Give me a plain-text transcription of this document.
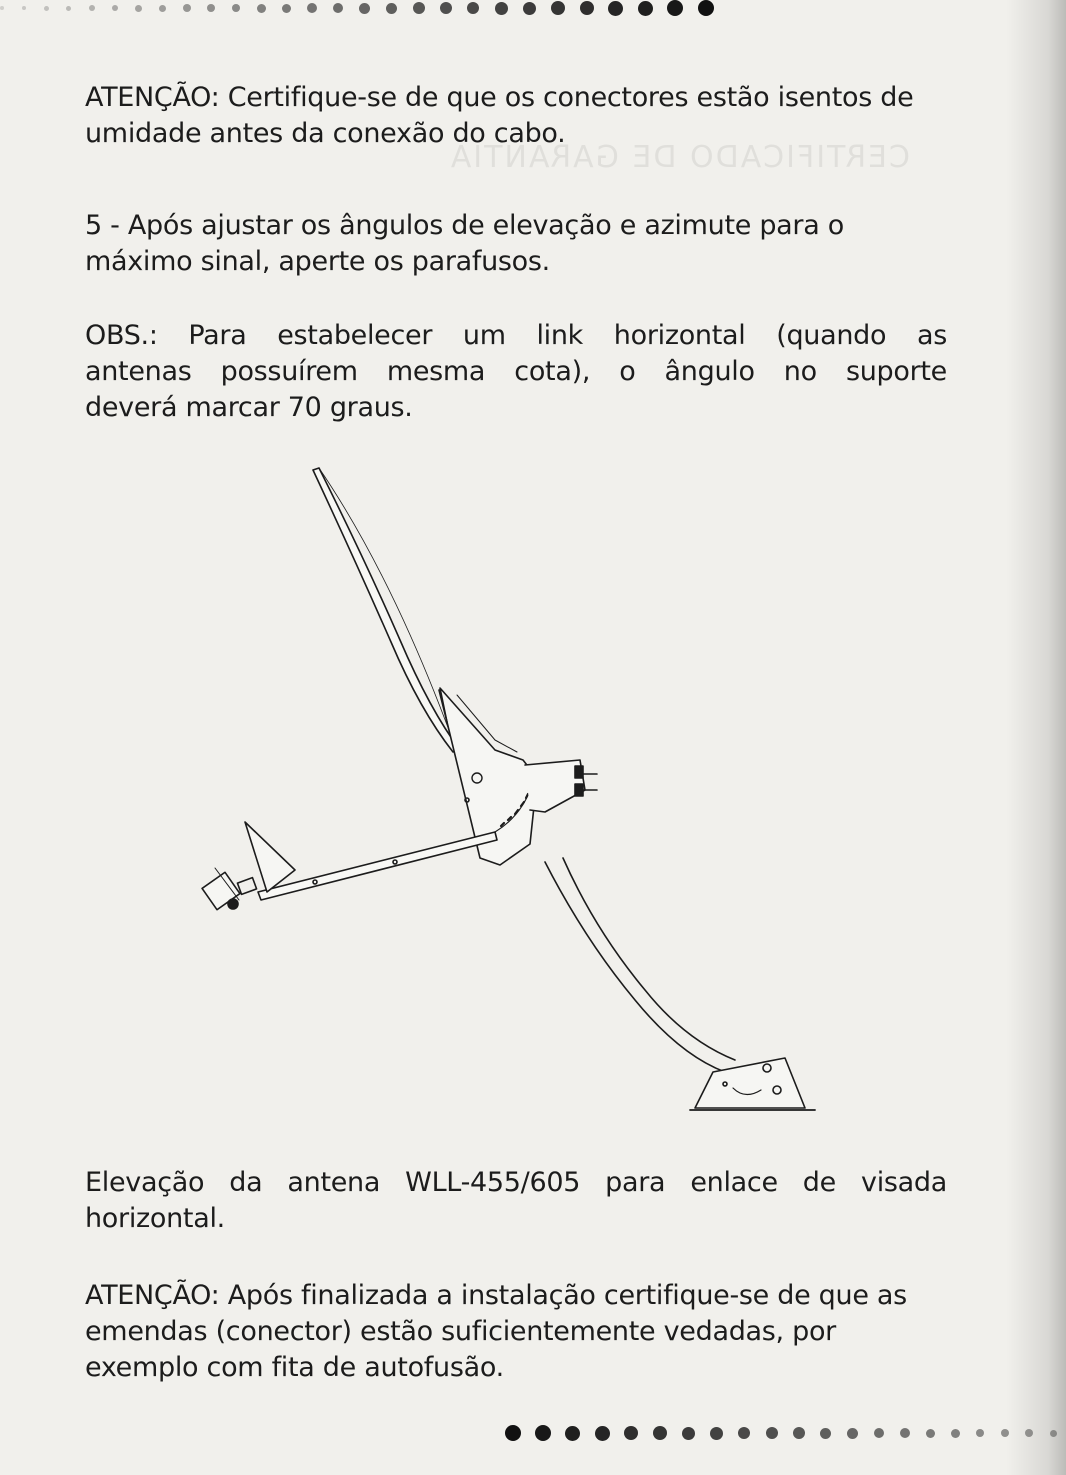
CERTIFICADO DE GARANTIA

ATENÇÃO: Certifique-se de que os conectores estão isentos de umidade antes da conexão do cabo.

5 - Após ajustar os ângulos de elevação e azimute para o máximo sinal, aperte os parafusos.

OBS.: Para estabelecer um link horizontal (quando as
antenas possuírem mesma cota), o ângulo no suporte
deverá marcar 70 graus.
Elevação da antena WLL-455/605 para enlace de visada
horizontal.

ATENÇÃO: Após finalizada a instalação certifique-se de que as emendas (conector) estão suficientemente vedadas, por exemplo com fita de autofusão.
